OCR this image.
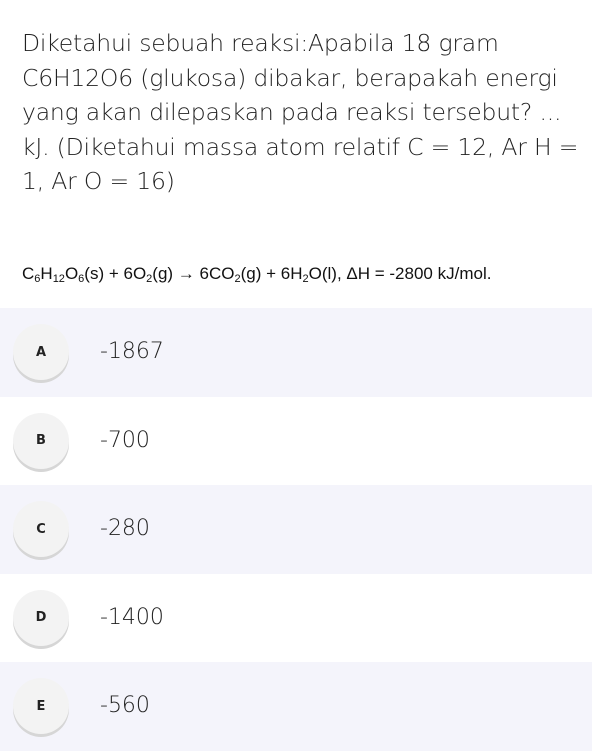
Diketahui sebuah reaksi:Apabila 18 gram C6H12O6 (glukosa) dibakar, berapakah energi yang akan dilepaskan pada reaksi tersebut? ... kJ. (Diketahui massa atom relatif C = 12, Ar H = 1, Ar O = 16)
$C_6H_{12}O_6(s) + 6O_2(g) \to 6CO_2(g) + 6H_2O(l)$, ΔH = -2800 kJ/mol.
A	-1867
B	-700
C	-280
D	-1400
E	-560
